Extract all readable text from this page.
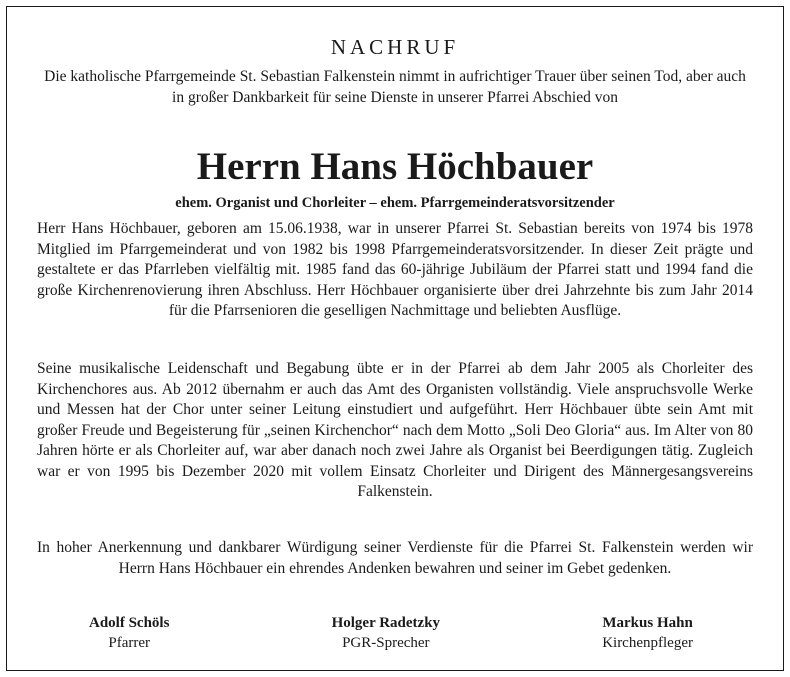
NACHRUF
Die katholische Pfarrgemeinde St. Sebastian Falkenstein nimmt in aufrichtiger Trauer über seinen Tod, aber auch in großer Dankbarkeit für seine Dienste in unserer Pfarrei Abschied von
Herrn Hans Höchbauer
ehem. Organist und Chorleiter – ehem. Pfarrgemeinderatsvorsitzender
Herr Hans Höchbauer, geboren am 15.06.1938, war in unserer Pfarrei St. Sebastian bereits von 1974 bis 1978 Mitglied im Pfarrgemeinderat und von 1982 bis 1998 Pfarrgemeinderatsvorsitzender. In dieser Zeit prägte und gestaltete er das Pfarrleben vielfältig mit. 1985 fand das 60-jährige Jubiläum der Pfarrei statt und 1994 fand die große Kirchenrenovierung ihren Abschluss. Herr Höchbauer organisierte über drei Jahrzehnte bis zum Jahr 2014 für die Pfarrsenioren die geselligen Nachmittage und beliebten Ausflüge.
Seine musikalische Leidenschaft und Begabung übte er in der Pfarrei ab dem Jahr 2005 als Chorleiter des Kirchenchores aus. Ab 2012 übernahm er auch das Amt des Organisten vollständig. Viele anspruchsvolle Werke und Messen hat der Chor unter seiner Leitung einstudiert und aufgeführt. Herr Höchbauer übte sein Amt mit großer Freude und Begeisterung für „seinen Kirchenchor“ nach dem Motto „Soli Deo Gloria“ aus. Im Alter von 80 Jahren hörte er als Chorleiter auf, war aber danach noch zwei Jahre als Organist bei Beerdigungen tätig. Zugleich war er von 1995 bis Dezember 2020 mit vollem Einsatz Chorleiter und Dirigent des Männergesangsvereins Falkenstein.
In hoher Anerkennung und dankbarer Würdigung seiner Verdienste für die Pfarrei St. Falkenstein werden wir Herrn Hans Höchbauer ein ehrendes Andenken bewahren und seiner im Gebet gedenken.
Adolf Schöls
Pfarrer
Holger Radetzky
PGR-Sprecher
Markus Hahn
Kirchenpfleger
